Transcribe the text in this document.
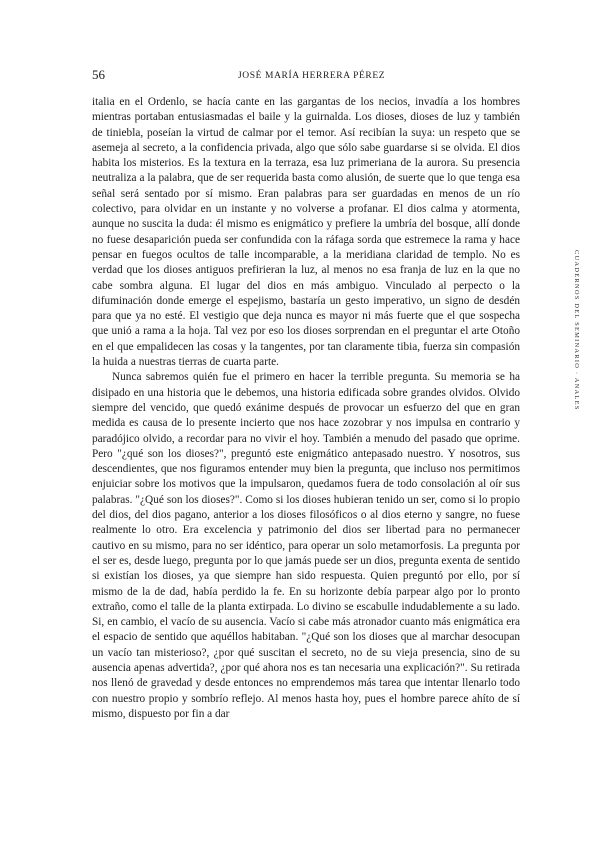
56	JOSÉ MARÍA HERRERA PÉREZ

italia en el Ordenlo, se hacía cante en las gargantas de los necios, invadía a los hombres mientras portaban entusiasmadas el baile y la guirnalda. Los dioses, dioses de luz y también de tiniebla, poseían la virtud de calmar por el temor. Así recibían la suya: un respeto que se asemeja al secreto, a la confidencia privada, algo que sólo sabe guardarse si se olvida. El dios habita los misterios. Es la textura en la terraza, esa luz primeriana de la aurora. Su presencia neutraliza a la palabra, que de ser requerida basta como alusión, de suerte que lo que tenga esa señal será sentado por sí mismo. Eran palabras para ser guardadas en menos de un río colectivo, para olvidar en un instante y no volverse a profanar. El dios calma y atormenta, aunque no suscita la duda: él mismo es enigmático y prefiere la umbría del bosque, allí donde no fuese desaparición pueda ser confundida con la ráfaga sorda que estremece la rama y hace pensar en fuegos ocultos de talle incomparable, a la meridiana claridad de templo. No es verdad que los dioses antiguos prefirieran la luz, al menos no esa franja de luz en la que no cabe sombra alguna. El lugar del dios en más ambiguo. Vinculado al perpecto o la difuminación donde emerge el espejismo, bastaría un gesto imperativo, un signo de desdén para que ya no esté. El vestigio que deja nunca es mayor ni más fuerte que el que sospecha que unió a rama a la hoja. Tal vez por eso los dioses sorprendan en el preguntar el arte Otoño en el que empalidecen las cosas y la tangentes, por tan claramente tibia, fuerza sin compasión la huida a nuestras tierras de cuarta parte.

Nunca sabremos quién fue el primero en hacer la terrible pregunta. Su memoria se ha disipado en una historia que le debemos, una historia edificada sobre grandes olvidos. Olvido siempre del vencido, que quedó exánime después de provocar un esfuerzo del que en gran medida es causa de lo presente incierto que nos hace zozobrar y nos impulsa en contrario y paradójico olvido, a recordar para no vivir el hoy. También a menudo del pasado que oprime. Pero "¿qué son los dioses?", preguntó este enigmático antepasado nuestro. Y nosotros, sus descendientes, que nos figuramos entender muy bien la pregunta, que incluso nos permitimos enjuiciar sobre los motivos que la impulsaron, quedamos fuera de todo consolación al oír sus palabras. "¿Qué son los dioses?". Como si los dioses hubieran tenido un ser, como si lo propio del dios, del dios pagano, anterior a los dioses filosóficos o al dios eterno y sangre, no fuese realmente lo otro. Era excelencia y patrimonio del dios ser libertad para no permanecer cautivo en su mismo, para no ser idéntico, para operar un solo metamorfosis. La pregunta por el ser es, desde luego, pregunta por lo que jamás puede ser un dios, pregunta exenta de sentido si existían los dioses, ya que siempre han sido respuesta. Quien preguntó por ello, por sí mismo de la de dad, había perdido la fe. En su horizonte debía parpear algo por lo pronto extraño, como el talle de la planta extirpada. Lo divino se escabulle indudablemente a su lado. Si, en cambio, el vacío de su ausencia. Vacío si cabe más atronador cuanto más enigmática era el espacio de sentido que aquéllos habitaban. "¿Qué son los dioses que al marchar desocupan un vacío tan misterioso?, ¿por qué suscitan el secreto, no de su vieja presencia, sino de su ausencia apenas advertida?, ¿por qué ahora nos es tan necesaria una explicación?". Su retirada nos llenó de gravedad y desde entonces no emprendemos más tarea que intentar llenarlo todo con nuestro propio y sombrío reflejo. Al menos hasta hoy, pues el hombre parece ahíto de sí mismo, dispuesto por fin a dar

CUADERNOS DEL SEMINARIO · ANALES
